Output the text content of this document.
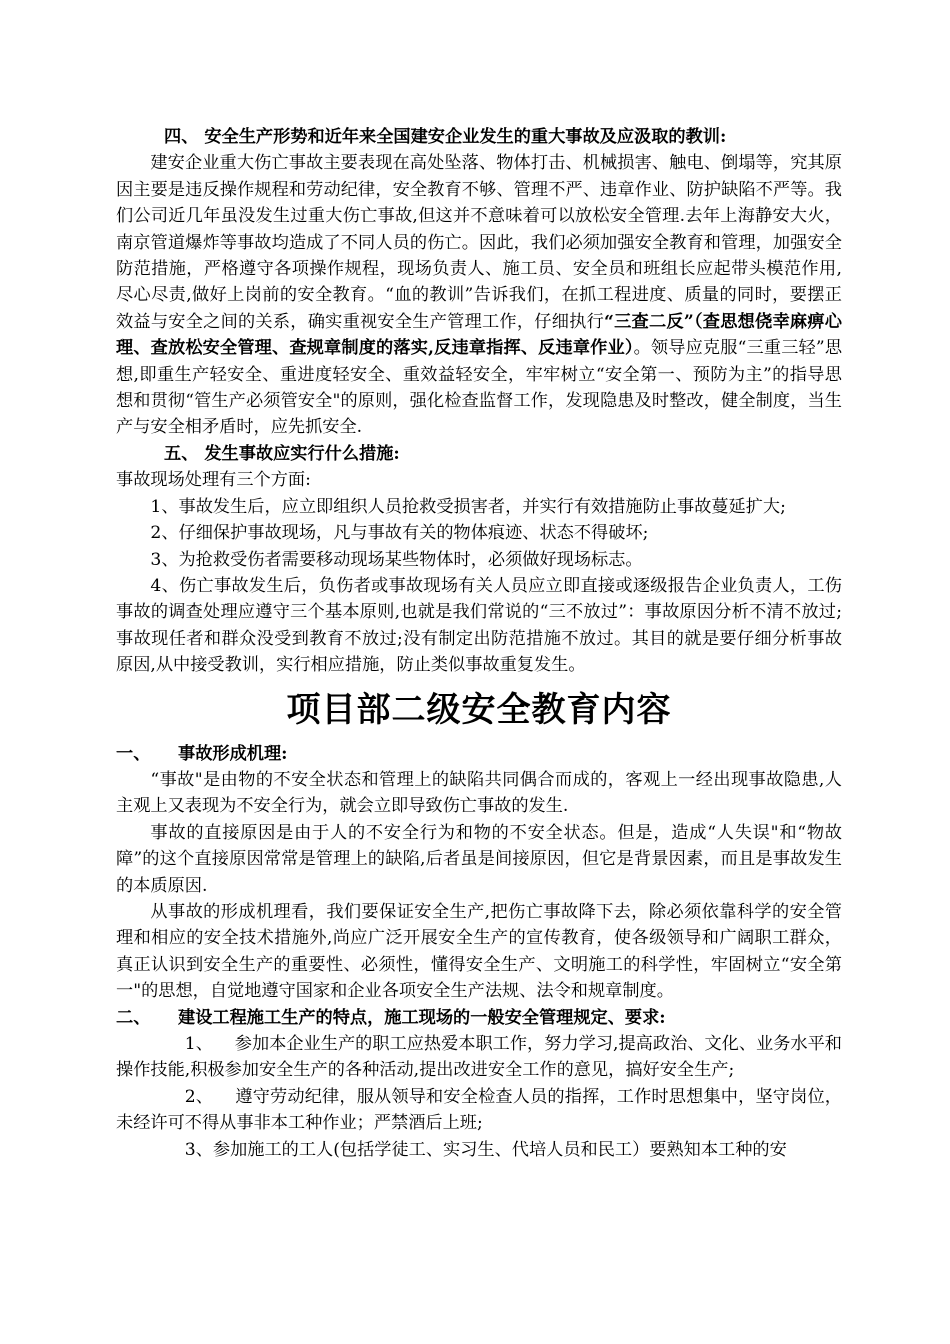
四、 安全生产形势和近年来全国建安企业发生的重大事故及应汲取的教训:

建安企业重大伤亡事故主要表现在高处坠落、物体打击、机械损害、触电、倒塌等，究其原因主要是违反操作规程和劳动纪律，安全教育不够、管理不严、违章作业、防护缺陷不严等。我们公司近几年虽没发生过重大伤亡事故,但这并不意味着可以放松安全管理.去年上海静安大火，南京管道爆炸等事故均造成了不同人员的伤亡。因此，我们必须加强安全教育和管理，加强安全防范措施，严格遵守各项操作规程，现场负责人、施工员、安全员和班组长应起带头模范作用,尽心尽责,做好上岗前的安全教育。“血的教训”告诉我们，在抓工程进度、质量的同时，要摆正效益与安全之间的关系，确实重视安全生产管理工作，仔细执行“三查二反”（查思想侥幸麻痹心理、查放松安全管理、查规章制度的落实,反违章指挥、反违章作业）。领导应克服“三重三轻”思想,即重生产轻安全、重进度轻安全、重效益轻安全，牢牢树立“安全第一、预防为主”的指导思想和贯彻“管生产必须管安全"的原则，强化检查监督工作，发现隐患及时整改，健全制度，当生产与安全相矛盾时，应先抓安全.

五、 发生事故应实行什么措施:

事故现场处理有三个方面:

1、事故发生后，应立即组织人员抢救受损害者，并实行有效措施防止事故蔓延扩大;

2、仔细保护事故现场，凡与事故有关的物体痕迹、状态不得破坏;

3、为抢救受伤者需要移动现场某些物体时，必须做好现场标志。

4、伤亡事故发生后，负伤者或事故现场有关人员应立即直接或逐级报告企业负责人，工伤事故的调查处理应遵守三个基本原则,也就是我们常说的“三不放过”：事故原因分析不清不放过;事故现任者和群众没受到教育不放过;没有制定出防范措施不放过。其目的就是要仔细分析事故原因,从中接受教训，实行相应措施，防止类似事故重复发生。

项目部二级安全教育内容

一、 事故形成机理:

“事故"是由物的不安全状态和管理上的缺陷共同偶合而成的，客观上一经出现事故隐患,人主观上又表现为不安全行为，就会立即导致伤亡事故的发生.

事故的直接原因是由于人的不安全行为和物的不安全状态。但是，造成“人失误"和“物故障”的这个直接原因常常是管理上的缺陷,后者虽是间接原因，但它是背景因素，而且是事故发生的本质原因.

从事故的形成机理看，我们要保证安全生产,把伤亡事故降下去，除必须依靠科学的安全管理和相应的安全技术措施外,尚应广泛开展安全生产的宣传教育，使各级领导和广阔职工群众，真正认识到安全生产的重要性、必须性，懂得安全生产、文明施工的科学性，牢固树立“安全第一"的思想，自觉地遵守国家和企业各项安全生产法规、法令和规章制度。

二、 建设工程施工生产的特点，施工现场的一般安全管理规定、要求:

1、 参加本企业生产的职工应热爱本职工作，努力学习,提高政治、文化、业务水平和操作技能,积极参加安全生产的各种活动,提出改进安全工作的意见，搞好安全生产;

2、 遵守劳动纪律，服从领导和安全检查人员的指挥，工作时思想集中，坚守岗位，未经许可不得从事非本工种作业；严禁酒后上班;

3、参加施工的工人(包括学徒工、实习生、代培人员和民工）要熟知本工种的安
